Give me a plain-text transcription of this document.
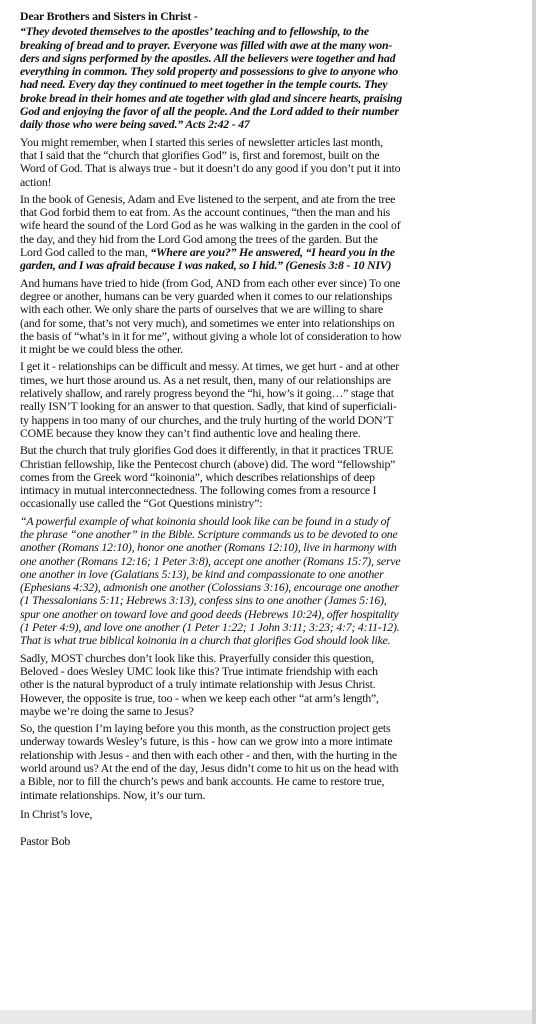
Dear Brothers and Sisters in Christ -

“They devoted themselves to the apostles’ teaching and to fellowship, to the
breaking of bread and to prayer. Everyone was filled with awe at the many won-
ders and signs performed by the apostles. All the believers were together and had
everything in common. They sold property and possessions to give to anyone who
had need. Every day they continued to meet together in the temple courts. They
broke bread in their homes and ate together with glad and sincere hearts, praising
God and enjoying the favor of all the people. And the Lord added to their number
daily those who were being saved.” Acts 2:42 - 47

You might remember, when I started this series of newsletter articles last month,
that I said that the “church that glorifies God” is, first and foremost, built on the
Word of God. That is always true - but it doesn’t do any good if you don’t put it into
action!

In the book of Genesis, Adam and Eve listened to the serpent, and ate from the tree
that God forbid them to eat from. As the account continues, “then the man and his
wife heard the sound of the Lord God as he was walking in the garden in the cool of
the day, and they hid from the Lord God among the trees of the garden. But the
Lord God called to the man, “Where are you?” He answered, “I heard you in the
garden, and I was afraid because I was naked, so I hid.” (Genesis 3:8 - 10 NIV)

And humans have tried to hide (from God, AND from each other ever since) To one
degree or another, humans can be very guarded when it comes to our relationships
with each other. We only share the parts of ourselves that we are willing to share
(and for some, that’s not very much), and sometimes we enter into relationships on
the basis of “what’s in it for me”, without giving a whole lot of consideration to how
it might be we could bless the other.

I get it - relationships can be difficult and messy. At times, we get hurt - and at other
times, we hurt those around us. As a net result, then, many of our relationships are
relatively shallow, and rarely progress beyond the “hi, how’s it going…” stage that
really ISN’T looking for an answer to that question. Sadly, that kind of superficiali-
ty happens in too many of our churches, and the truly hurting of the world DON’T
COME because they know they can’t find authentic love and healing there.

But the church that truly glorifies God does it differently, in that it practices TRUE
Christian fellowship, like the Pentecost church (above) did. The word “fellowship”
comes from the Greek word “koinonia”, which describes relationships of deep
intimacy in mutual interconnectedness. The following comes from a resource I
occasionally use called the “Got Questions ministry”:

“A powerful example of what koinonia should look like can be found in a study of
the phrase “one another” in the Bible. Scripture commands us to be devoted to one
another (Romans 12:10), honor one another (Romans 12:10), live in harmony with
one another (Romans 12:16; 1 Peter 3:8), accept one another (Romans 15:7), serve
one another in love (Galatians 5:13), be kind and compassionate to one another
(Ephesians 4:32), admonish one another (Colossians 3:16), encourage one another
(1 Thessalonians 5:11; Hebrews 3:13), confess sins to one another (James 5:16),
spur one another on toward love and good deeds (Hebrews 10:24), offer hospitality
(1 Peter 4:9), and love one another (1 Peter 1:22; 1 John 3:11; 3:23; 4:7; 4:11-12).
That is what true biblical koinonia in a church that glorifies God should look like.

Sadly, MOST churches don’t look like this. Prayerfully consider this question,
Beloved - does Wesley UMC look like this? True intimate friendship with each
other is the natural byproduct of a truly intimate relationship with Jesus Christ.
However, the opposite is true, too - when we keep each other “at arm’s length”,
maybe we’re doing the same to Jesus?

So, the question I’m laying before you this month, as the construction project gets
underway towards Wesley’s future, is this - how can we grow into a more intimate
relationship with Jesus - and then with each other - and then, with the hurting in the
world around us? At the end of the day, Jesus didn’t come to hit us on the head with
a Bible, nor to fill the church’s pews and bank accounts. He came to restore true,
intimate relationships. Now, it’s our turn.

In Christ’s love,

Pastor Bob
